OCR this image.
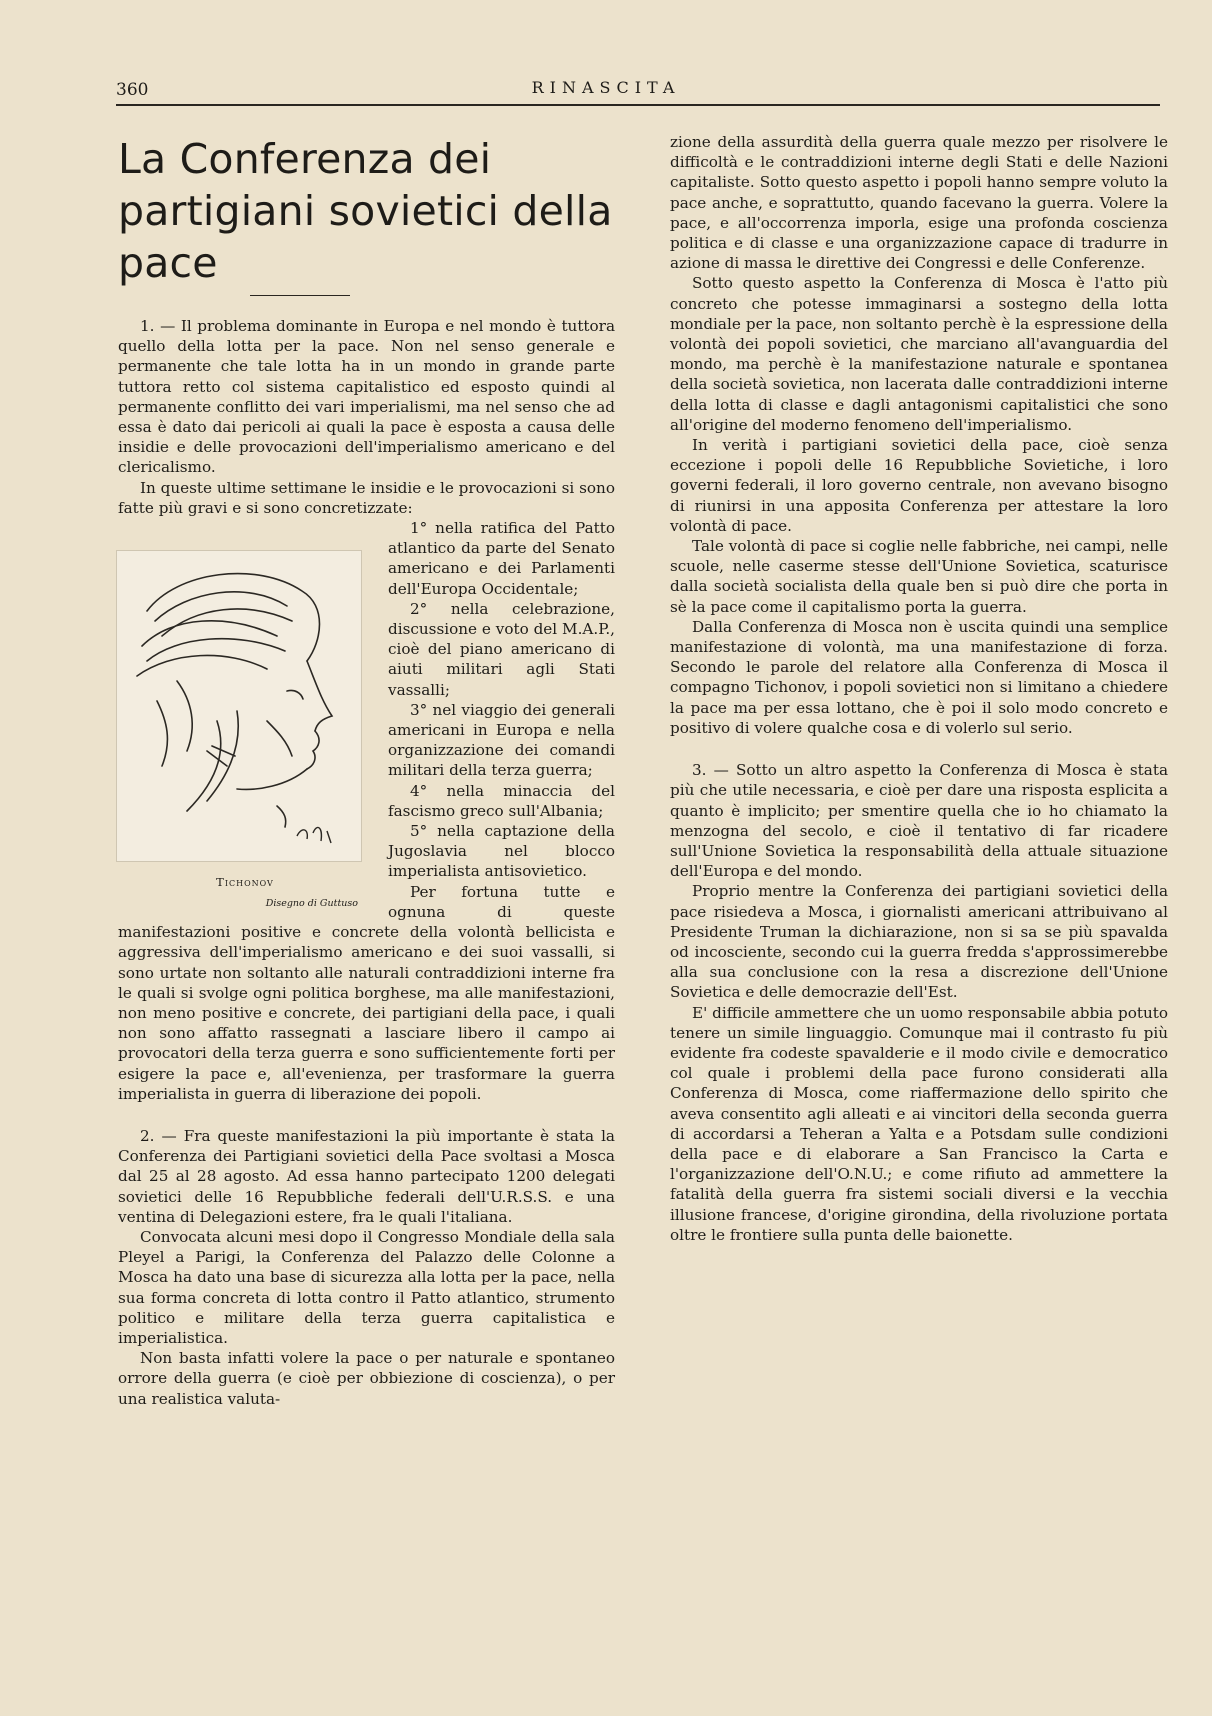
360	RINASCITA
La Conferenza dei partigiani sovietici della pace

1. — Il problema dominante in Europa e nel mondo è tuttora quello della lotta per la pace. Non nel senso generale e permanente che tale lotta ha in un mondo in grande parte tuttora retto col sistema capitalistico ed esposto quindi al permanente conflitto dei vari imperialismi, ma nel senso che ad essa è dato dai pericoli ai quali la pace è esposta a causa delle insidie e delle provocazioni dell'imperialismo americano e del clericalismo.

In queste ultime settimane le insidie e le provocazioni si sono fatte più gravi e si sono concretizzate:

Tichonov
Disegno di Guttuso

1° nella ratifica del Patto atlantico da parte del Senato americano e dei Parlamenti dell'Europa Occidentale;

2° nella celebrazione, discussione e voto del M.A.P., cioè del piano americano di aiuti militari agli Stati vassalli;

3° nel viaggio dei generali americani in Europa e nella organizzazione dei comandi militari della terza guerra;

4° nella minaccia del fascismo greco sull'Albania;

5° nella captazione della Jugoslavia nel blocco imperialista antisovietico.

Per fortuna tutte e ognuna di queste manifestazioni positive e concrete della volontà bellicista e aggressiva dell'imperialismo americano e dei suoi vassalli, si sono urtate non soltanto alle naturali contraddizioni interne fra le quali si svolge ogni politica borghese, ma alle manifestazioni, non meno positive e concrete, dei partigiani della pace, i quali non sono affatto rassegnati a lasciare libero il campo ai provocatori della terza guerra e sono sufficientemente forti per esigere la pace e, all'evenienza, per trasformare la guerra imperialista in guerra di liberazione dei popoli.

2. — Fra queste manifestazioni la più importante è stata la Conferenza dei Partigiani sovietici della Pace svoltasi a Mosca dal 25 al 28 agosto. Ad essa hanno partecipato 1200 delegati sovietici delle 16 Repubbliche federali dell'U.R.S.S. e una ventina di Delegazioni estere, fra le quali l'italiana.

Convocata alcuni mesi dopo il Congresso Mondiale della sala Pleyel a Parigi, la Conferenza del Palazzo delle Colonne a Mosca ha dato una base di sicurezza alla lotta per la pace, nella sua forma concreta di lotta contro il Patto atlantico, strumento politico e militare della terza guerra capitalistica e imperialistica.

Non basta infatti volere la pace o per naturale e spontaneo orrore della guerra (e cioè per obbiezione di coscienza), o per una realistica valuta-

zione della assurdità della guerra quale mezzo per risolvere le difficoltà e le contraddizioni interne degli Stati e delle Nazioni capitaliste. Sotto questo aspetto i popoli hanno sempre voluto la pace anche, e soprattutto, quando facevano la guerra. Volere la pace, e all'occorrenza imporla, esige una profonda coscienza politica e di classe e una organizzazione capace di tradurre in azione di massa le direttive dei Congressi e delle Conferenze.

Sotto questo aspetto la Conferenza di Mosca è l'atto più concreto che potesse immaginarsi a sostegno della lotta mondiale per la pace, non soltanto perchè è la espressione della volontà dei popoli sovietici, che marciano all'avanguardia del mondo, ma perchè è la manifestazione naturale e spontanea della società sovietica, non lacerata dalle contraddizioni interne della lotta di classe e dagli antagonismi capitalistici che sono all'origine del moderno fenomeno dell'imperialismo.

In verità i partigiani sovietici della pace, cioè senza eccezione i popoli delle 16 Repubbliche Sovietiche, i loro governi federali, il loro governo centrale, non avevano bisogno di riunirsi in una apposita Conferenza per attestare la loro volontà di pace.

Tale volontà di pace si coglie nelle fabbriche, nei campi, nelle scuole, nelle caserme stesse dell'Unione Sovietica, scaturisce dalla società socialista della quale ben si può dire che porta in sè la pace come il capitalismo porta la guerra.

Dalla Conferenza di Mosca non è uscita quindi una semplice manifestazione di volontà, ma una manifestazione di forza. Secondo le parole del relatore alla Conferenza di Mosca il compagno Tichonov, i popoli sovietici non si limitano a chiedere la pace ma per essa lottano, che è poi il solo modo concreto e positivo di volere qualche cosa e di volerlo sul serio.

3. — Sotto un altro aspetto la Conferenza di Mosca è stata più che utile necessaria, e cioè per dare una risposta esplicita a quanto è implicito; per smentire quella che io ho chiamato la menzogna del secolo, e cioè il tentativo di far ricadere sull'Unione Sovietica la responsabilità della attuale situazione dell'Europa e del mondo.

Proprio mentre la Conferenza dei partigiani sovietici della pace risiedeva a Mosca, i giornalisti americani attribuivano al Presidente Truman la dichiarazione, non si sa se più spavalda od incosciente, secondo cui la guerra fredda s'approssimerebbe alla sua conclusione con la resa a discrezione dell'Unione Sovietica e delle democrazie dell'Est.

E' difficile ammettere che un uomo responsabile abbia potuto tenere un simile linguaggio. Comunque mai il contrasto fu più evidente fra codeste spavalderie e il modo civile e democratico col quale i problemi della pace furono considerati alla Conferenza di Mosca, come riaffermazione dello spirito che aveva consentito agli alleati e ai vincitori della seconda guerra di accordarsi a Teheran a Yalta e a Potsdam sulle condizioni della pace e di elaborare a San Francisco la Carta e l'organizzazione dell'O.N.U.; e come rifiuto ad ammettere la fatalità della guerra fra sistemi sociali diversi e la vecchia illusione francese, d'origine girondina, della rivoluzione portata oltre le frontiere sulla punta delle baionette.
